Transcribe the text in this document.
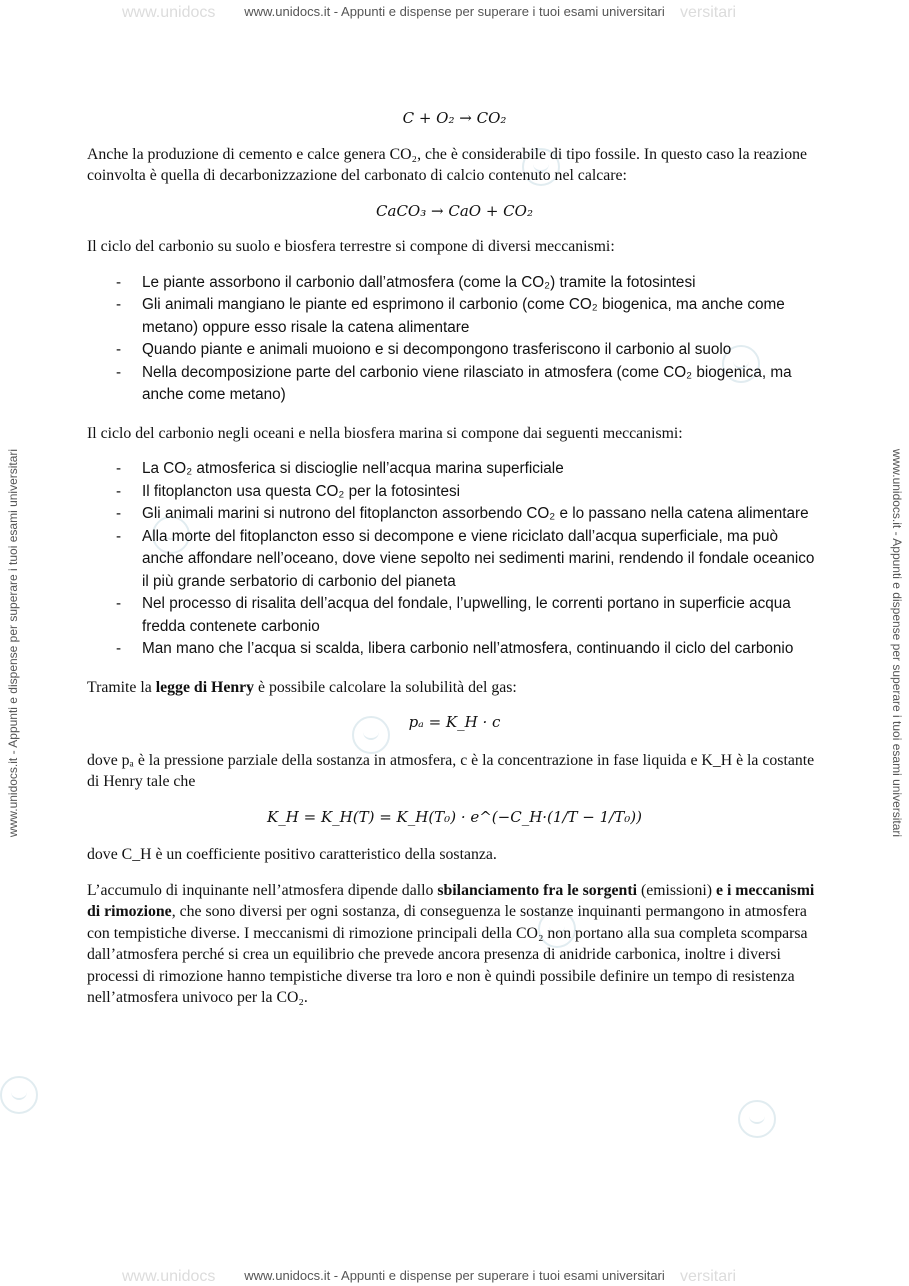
www.unidocs www.unidocs.it - Appunti e dispense per superare i tuoi esami universitari versitari
www.unidocs.it - Appunti e dispense per superare i tuoi esami universitari	www.unidocs.it - Appunti e dispense per superare i tuoi esami universitari
C + O₂ → CO₂

Anche la produzione di cemento e calce genera CO₂, che è considerabile di tipo fossile. In questo caso la reazione coinvolta è quella di decarbonizzazione del carbonato di calcio contenuto nel calcare:

CaCO₃ → CaO + CO₂

Il ciclo del carbonio su suolo e biosfera terrestre si compone di diversi meccanismi:

- Le piante assorbono il carbonio dall’atmosfera (come la CO₂) tramite la fotosintesi
- Gli animali mangiano le piante ed esprimono il carbonio (come CO₂ biogenica, ma anche come metano) oppure esso risale la catena alimentare
- Quando piante e animali muoiono e si decompongono trasferiscono il carbonio al suolo
- Nella decomposizione parte del carbonio viene rilasciato in atmosfera (come CO₂ biogenica, ma anche come metano)

Il ciclo del carbonio negli oceani e nella biosfera marina si compone dai seguenti meccanismi:

- La CO₂ atmosferica si discioglie nell’acqua marina superficiale
- Il fitoplancton usa questa CO₂ per la fotosintesi
- Gli animali marini si nutrono del fitoplancton assorbendo CO₂ e lo passano nella catena alimentare
- Alla morte del fitoplancton esso si decompone e viene riciclato dall’acqua superficiale, ma può anche affondare nell’oceano, dove viene sepolto nei sedimenti marini, rendendo il fondale oceanico il più grande serbatorio di carbonio del pianeta
- Nel processo di risalita dell’acqua del fondale, l’upwelling, le correnti portano in superficie acqua fredda contenete carbonio
- Man mano che l’acqua si scalda, libera carbonio nell’atmosfera, continuando il ciclo del carbonio

Tramite la legge di Henry è possibile calcolare la solubilità del gas:

pₐ = K_H · c

dove pₐ è la pressione parziale della sostanza in atmosfera, c è la concentrazione in fase liquida e K_H è la costante di Henry tale che

K_H = K_H(T) = K_H(T₀) · e^(−C_H·(1/T − 1/T₀))

dove C_H è un coefficiente positivo caratteristico della sostanza.

L’accumulo di inquinante nell’atmosfera dipende dallo sbilanciamento fra le sorgenti (emissioni) e i meccanismi di rimozione, che sono diversi per ogni sostanza, di conseguenza le sostanze inquinanti permangono in atmosfera con tempistiche diverse. I meccanismi di rimozione principali della CO₂ non portano alla sua completa scomparsa dall’atmosfera perché si crea un equilibrio che prevede ancora presenza di anidride carbonica, inoltre i diversi processi di rimozione hanno tempistiche diverse tra loro e non è quindi possibile definire un tempo di resistenza nell’atmosfera univoco per la CO₂.

www.unidocs www.unidocs.it - Appunti e dispense per superare i tuoi esami universitari versitari
